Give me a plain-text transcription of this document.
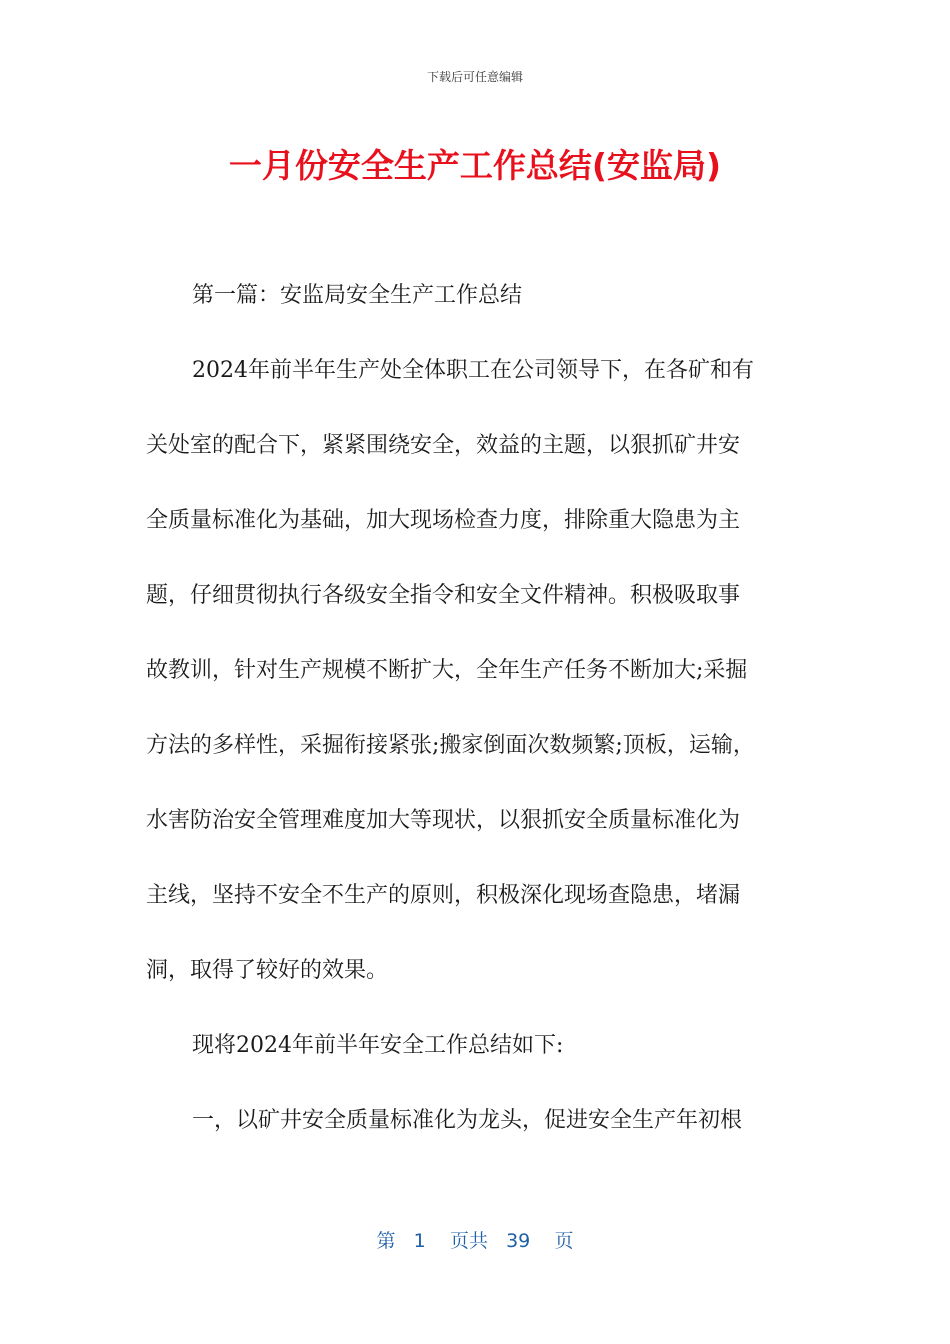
下载后可任意编辑
一月份安全生产工作总结(安监局)
第一篇：安监局安全生产工作总结
2024年前半年生产处全体职工在公司领导下，在各矿和有
关处室的配合下，紧紧围绕安全，效益的主题，以狠抓矿井安
全质量标准化为基础，加大现场检查力度，排除重大隐患为主
题，仔细贯彻执行各级安全指令和安全文件精神。积极吸取事
故教训，针对生产规模不断扩大，全年生产任务不断加大;采掘
方法的多样性，采掘衔接紧张;搬家倒面次数频繁;顶板，运输，
水害防治安全管理难度加大等现状，以狠抓安全质量标准化为
主线，坚持不安全不生产的原则，积极深化现场查隐患，堵漏
洞，取得了较好的效果。
现将2024年前半年安全工作总结如下:
一，以矿井安全质量标准化为龙头，促进安全生产年初根
第 1 页共 39 页
